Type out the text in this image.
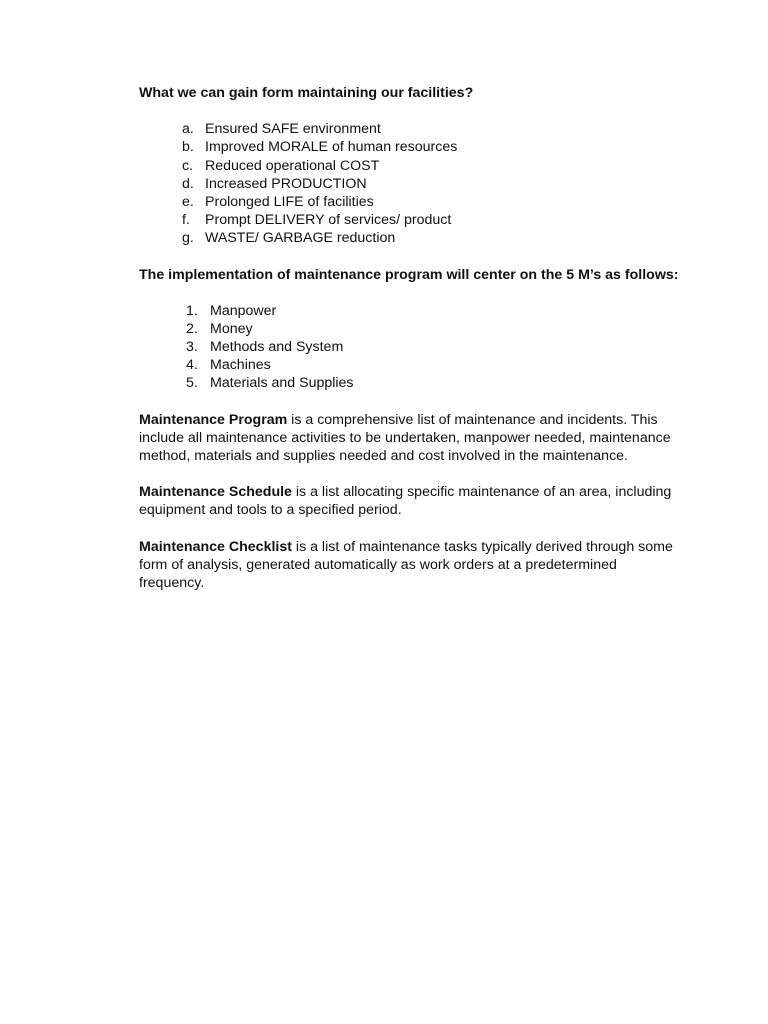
What we can gain form maintaining our facilities?

a. Ensured SAFE environment
b. Improved MORALE of human resources
c. Reduced operational COST
d. Increased PRODUCTION
e. Prolonged LIFE of facilities
f. Prompt DELIVERY of services/ product
g. WASTE/ GARBAGE reduction

The implementation of maintenance program will center on the 5 M’s as follows:

1. Manpower
2. Money
3. Methods and System
4. Machines
5. Materials and Supplies

Maintenance Program is a comprehensive list of maintenance and incidents. This include all maintenance activities to be undertaken, manpower needed, maintenance method, materials and supplies needed and cost involved in the maintenance.

Maintenance Schedule is a list allocating specific maintenance of an area, including equipment and tools to a specified period.

Maintenance Checklist is a list of maintenance tasks typically derived through some form of analysis, generated automatically as work orders at a predetermined frequency.
